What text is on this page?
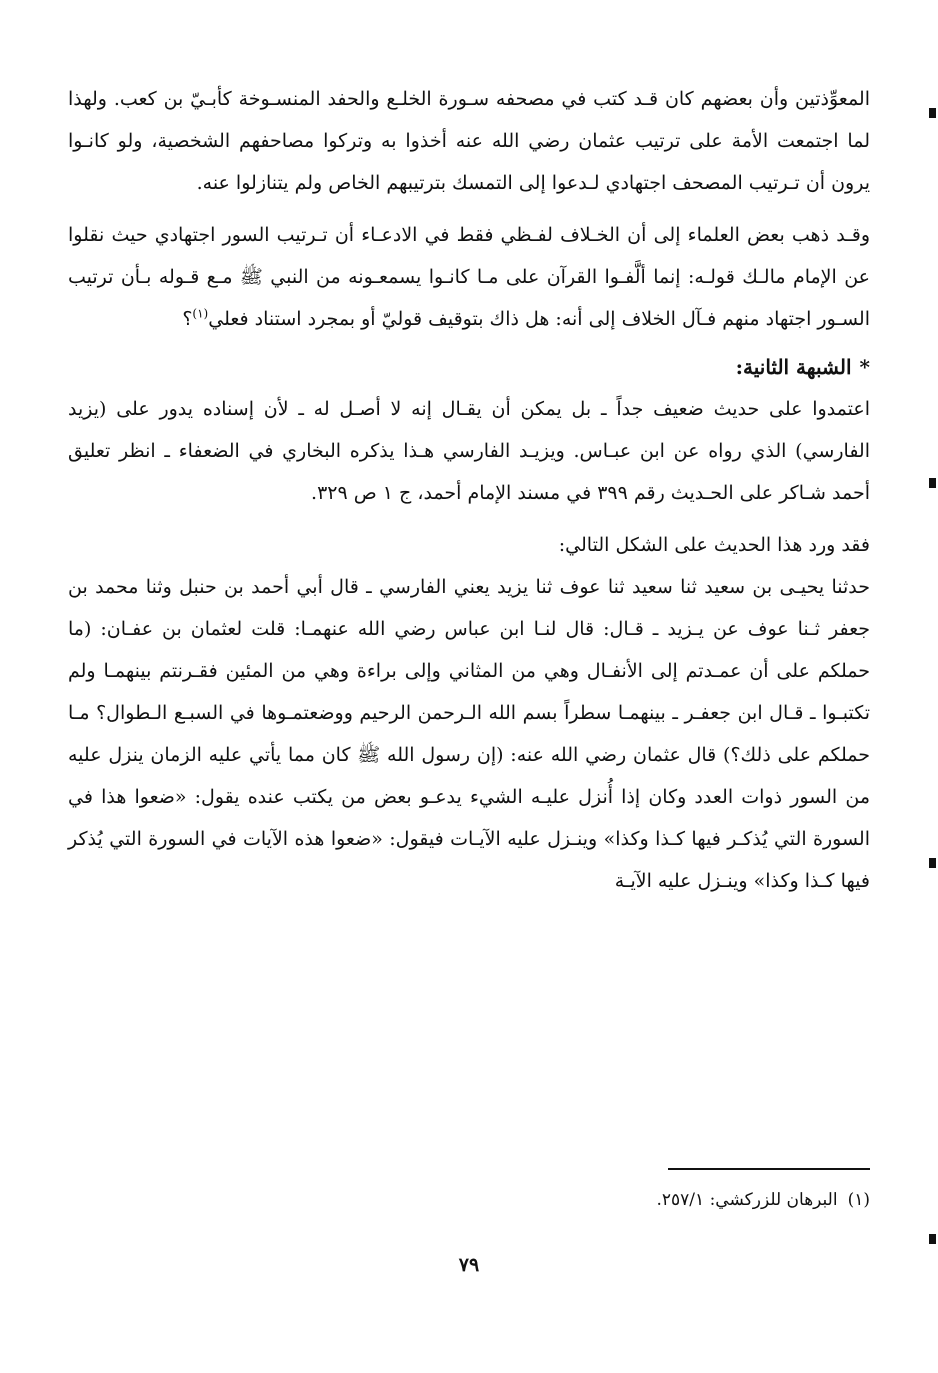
المعوِّذتين وأن بعضهم كان قـد كتب في مصحفه سـورة الخلـع والحفد المنسـوخة كأبـيّ بن كعب. ولهذا لما اجتمعت الأمة على ترتيب عثمان رضي الله عنه أخذوا به وتركوا مصاحفهم الشخصية، ولو كانـوا يرون أن تـرتيب المصحف اجتهادي لـدعوا إلى التمسك بترتيبهم الخاص ولم يتنازلوا عنه.

وقـد ذهب بعض العلماء إلى أن الخـلاف لفـظي فقط في الادعـاء أن تـرتيب السور اجتهادي حيث نقلوا عن الإمام مالـك قولـه: إنما ألَّفـوا القرآن على مـا كانـوا يسمعـونه من النبي ﷺ مـع قـوله بـأن ترتيب السـور اجتهاد منهم فـآل الخلاف إلى أنه: هل ذاك بتوقيف قوليّ أو بمجرد استناد فعلي$^{(١)}$؟

*الشبهة الثانية:

اعتمدوا على حديث ضعيف جداً ـ بل يمكن أن يقـال إنه لا أصـل له ـ لأن إسناده يدور على (يزيد الفارسي) الذي رواه عن ابن عبـاس. ويزيـد الفارسي هـذا يذكره البخاري في الضعفاء ـ انظر تعليق أحمد شـاكر على الحـديث رقم ٣٩٩ في مسند الإمام أحمد، ج ١ ص ٣٢٩.

فقد ورد هذا الحديث على الشكل التالي:

حدثنا يحيـى بن سعيد ثنا سعيد ثنا عوف ثنا يزيد يعني الفارسي ـ قال أبي أحمد بن حنبل وثنا محمد بن جعفر ثـنا عوف عن يـزيد ـ قـال: قال لنـا ابن عباس رضي الله عنهمـا: قلت لعثمان بن عفـان: (ما حملكم على أن عمـدتم إلى الأنفـال وهي من المثاني وإلى براءة وهي من المئين فقـرنتم بينهمـا ولم تكتبـوا ـ قـال ابن جعفـر ـ بينهمـا سطراً بسم الله الـرحمن الرحيم ووضعتمـوها في السبـع الـطوال؟ مـا حملكم على ذلك؟) قال عثمان رضي الله عنه: (إن رسول الله ﷺ كان مما يأتي عليه الزمان ينزل عليه من السور ذوات العدد وكان إذا أُنزل عليـه الشيء يدعـو بعض من يكتب عنده يقول: «ضعوا هذا في السورة التي يُذكـر فيها كـذا وكذا» وينـزل عليه الآيـات فيقول: «ضعوا هذه الآيات في السورة التي يُذكر فيها كـذا وكذا» وينـزل عليه الآيـة

(١)البرهان للزركشي: ٢٥٧/١.
٧٩
